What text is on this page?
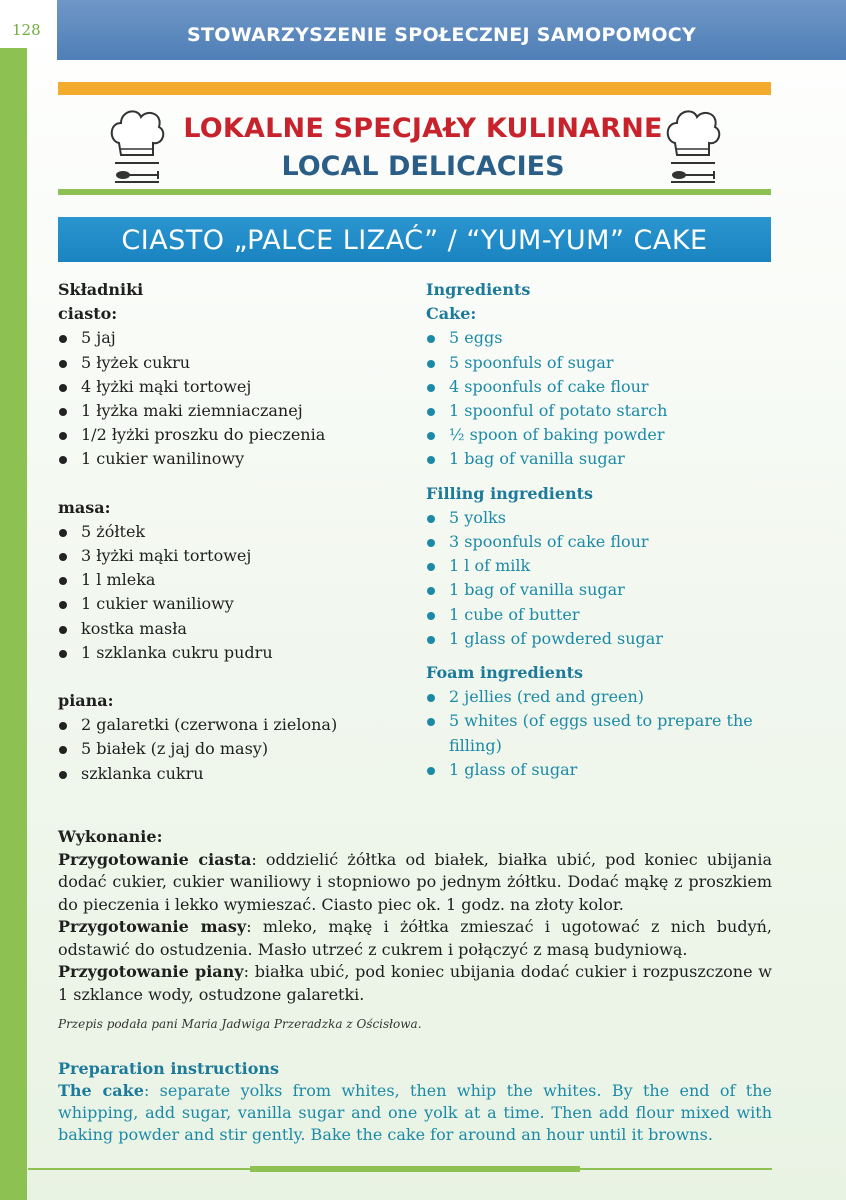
128	STOWARZYSZENIE SPOŁECZNEJ SAMOPOMOCY
LOKALNE SPECJAŁY KULINARNE
LOCAL DELICACIES
CIASTO „PALCE LIZAĆ” / “YUM-YUM” CAKE
Składniki
ciasto:
5 jaj
5 łyżek cukru
4 łyżki mąki tortowej
1 łyżka maki ziemniaczanej
1/2 łyżki proszku do pieczenia
1 cukier wanilinowy
masa:
5 żółtek
3 łyżki mąki tortowej
1 l mleka
1 cukier waniliowy
kostka masła
1 szklanka cukru pudru
piana:
2 galaretki (czerwona i zielona)
5 białek (z jaj do masy)
szklanka cukru
Ingredients
Cake:
5 eggs
5 spoonfuls of sugar
4 spoonfuls of cake flour
1 spoonful of potato starch
½ spoon of baking powder
1 bag of vanilla sugar
Filling ingredients
5 yolks
3 spoonfuls of cake flour
1 l of milk
1 bag of vanilla sugar
1 cube of butter
1 glass of powdered sugar
Foam ingredients
2 jellies (red and green)
5 whites (of eggs used to prepare the filling)
1 glass of sugar
Wykonanie:
Przygotowanie ciasta: oddzielić żółtka od białek, białka ubić, pod koniec ubijania dodać cukier, cukier waniliowy i stopniowo po jednym żółtku. Dodać mąkę z proszkiem do pieczenia i lekko wymieszać. Ciasto piec ok. 1 godz. na złoty kolor.
Przygotowanie masy: mleko, mąkę i żółtka zmieszać i ugotować z nich budyń, odstawić do ostudzenia. Masło utrzeć z cukrem i połączyć z masą budyniową.
Przygotowanie piany: białka ubić, pod koniec ubijania dodać cukier i rozpuszczone w 1 szklance wody, ostudzone galaretki.
Przepis podała pani Maria Jadwiga Przeradzka z Ościsłowa.
Preparation instructions
The cake: separate yolks from whites, then whip the whites. By the end of the whipping, add sugar, vanilla sugar and one yolk at a time. Then add flour mixed with baking powder and stir gently. Bake the cake for around an hour until it browns.
